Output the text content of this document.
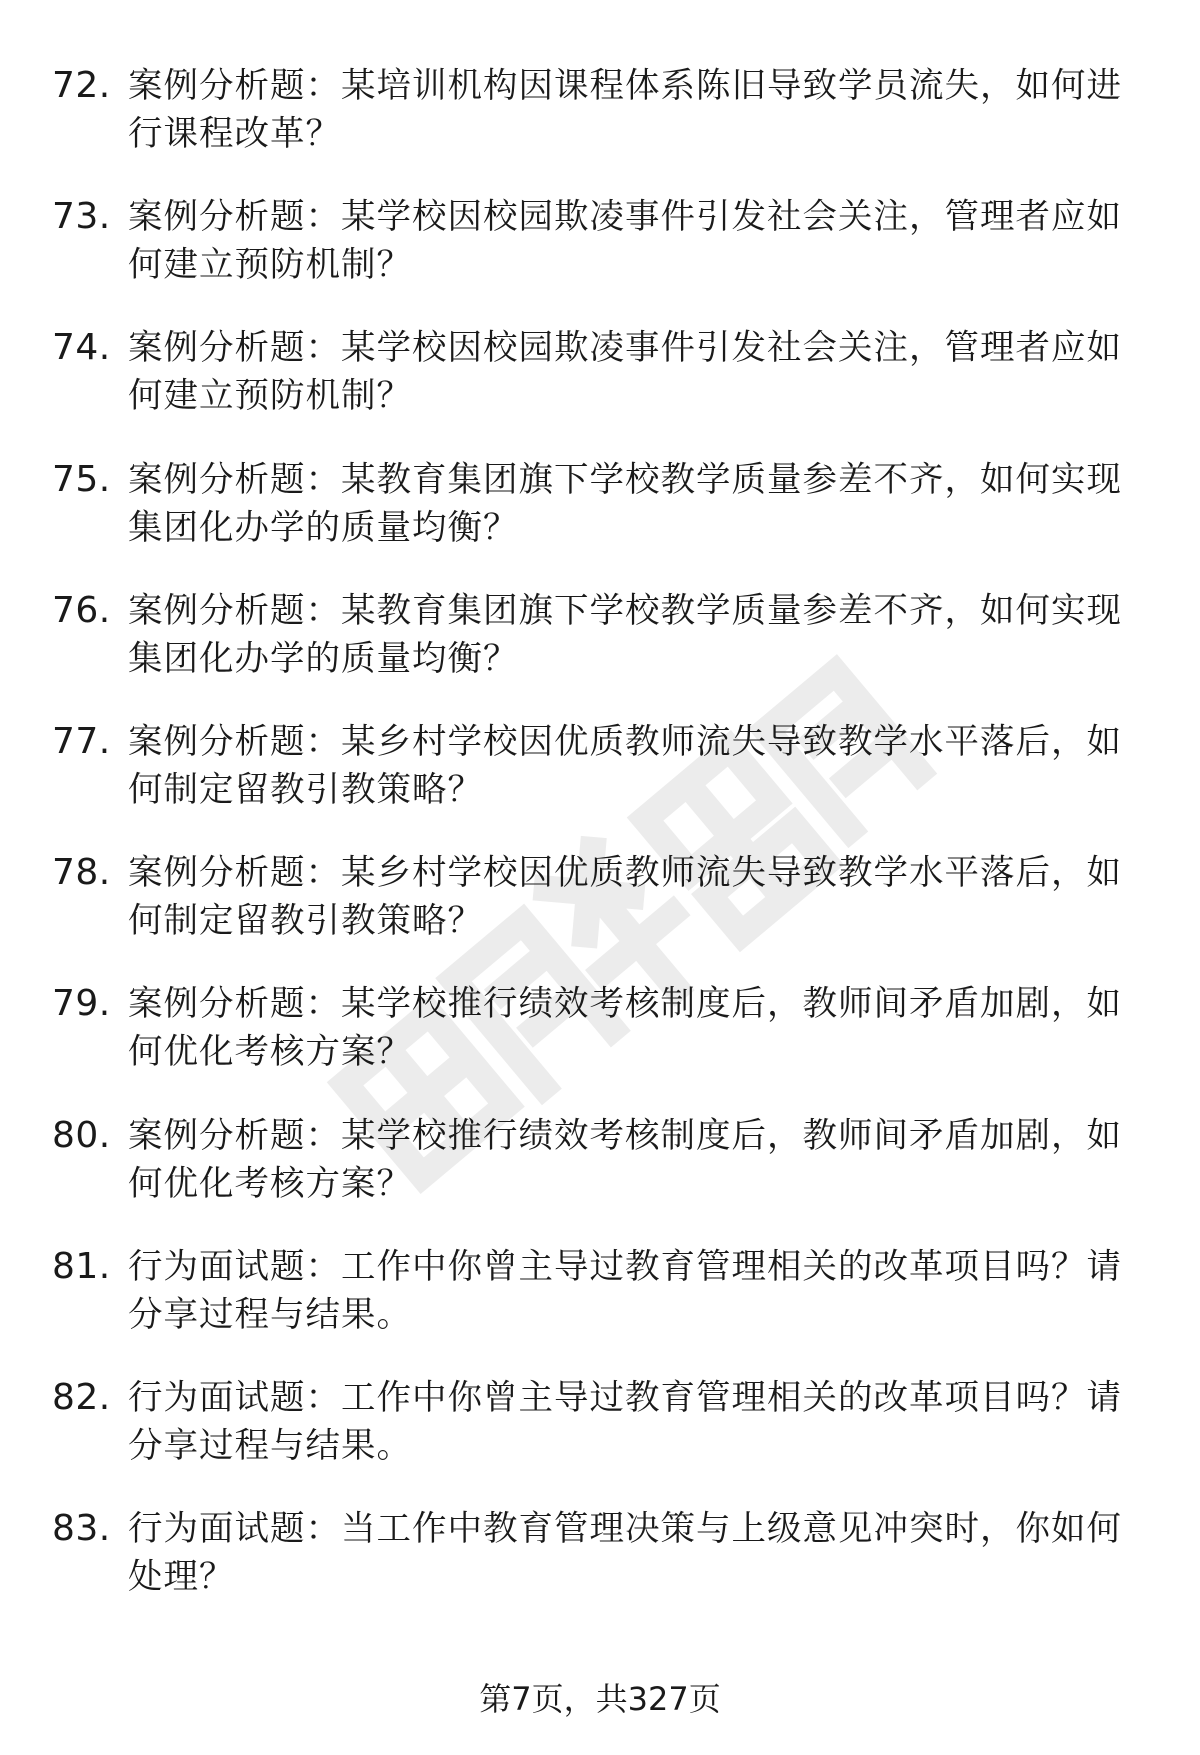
72. 案例分析题：某培训机构因课程体系陈旧导致学员流失，如何进行课程改革？
73. 案例分析题：某学校因校园欺凌事件引发社会关注，管理者应如何建立预防机制？
74. 案例分析题：某学校因校园欺凌事件引发社会关注，管理者应如何建立预防机制？
75. 案例分析题：某教育集团旗下学校教学质量参差不齐，如何实现集团化办学的质量均衡？
76. 案例分析题：某教育集团旗下学校教学质量参差不齐，如何实现集团化办学的质量均衡？
77. 案例分析题：某乡村学校因优质教师流失导致教学水平落后，如何制定留教引教策略？
78. 案例分析题：某乡村学校因优质教师流失导致教学水平落后，如何制定留教引教策略？
79. 案例分析题：某学校推行绩效考核制度后，教师间矛盾加剧，如何优化考核方案？
80. 案例分析题：某学校推行绩效考核制度后，教师间矛盾加剧，如何优化考核方案？
81. 行为面试题：工作中你曾主导过教育管理相关的改革项目吗？请分享过程与结果。
82. 行为面试题：工作中你曾主导过教育管理相关的改革项目吗？请分享过程与结果。
83. 行为面试题：当工作中教育管理决策与上级意见冲突时，你如何处理？
第7页，共327页
